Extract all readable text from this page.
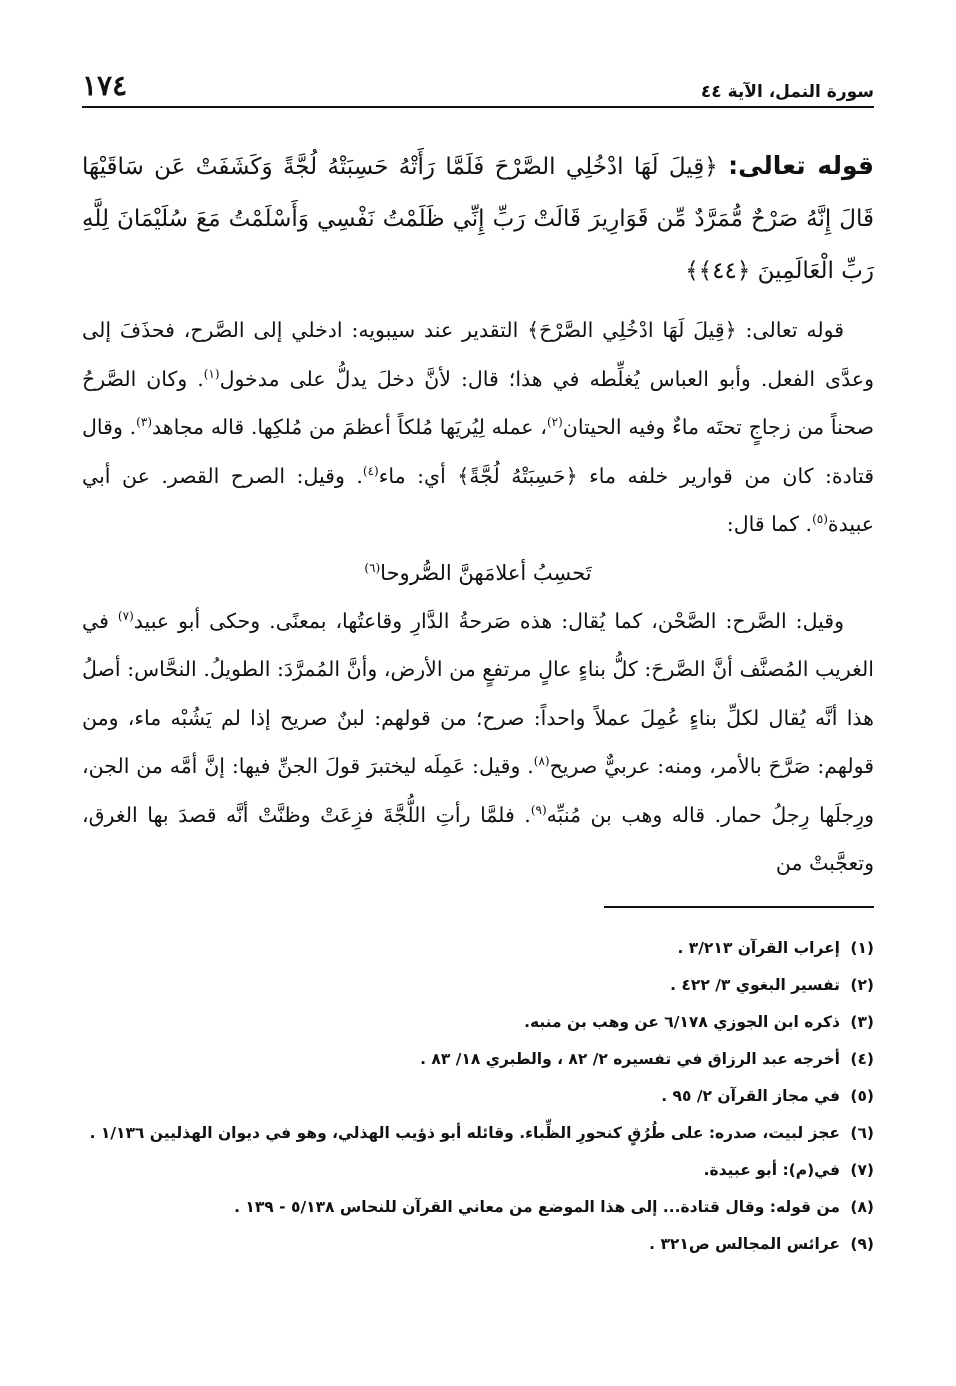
١٧٤	سورة النمل، الآية ٤٤
قوله تعالى: ﴿قِيلَ لَهَا ادْخُلِي الصَّرْحَ فَلَمَّا رَأَتْهُ حَسِبَتْهُ لُجَّةً وَكَشَفَتْ عَن سَاقَيْهَا قَالَ إِنَّهُ صَرْحٌ مُّمَرَّدٌ مِّن قَوَارِيرَ قَالَتْ رَبِّ إِنِّي ظَلَمْتُ نَفْسِي وَأَسْلَمْتُ مَعَ سُلَيْمَانَ لِلَّهِ رَبِّ الْعَالَمِينَ ﴿٤٤﴾﴾

قوله تعالى: ﴿قِيلَ لَهَا ادْخُلِي الصَّرْحَ﴾ التقدير عند سيبويه: ادخلي إلى الصَّرح، فحذَفَ إلى وعدَّى الفعل. وأبو العباس يُغلِّطه في هذا؛ قال: لأنَّ دخلَ يدلُّ على مدخول$^{(١)}$. وكان الصَّرحُ صحناً من زجاجٍ تحتَه ماءٌ وفيه الحيتان$^{(٢)}$، عمله لِيُريَها مُلكاً أعظمَ من مُلكِها. قاله مجاهد$^{(٣)}$. وقال قتادة: كان من قوارير خلفه ماء ﴿حَسِبَتْهُ لُجَّةً﴾ أي: ماء$^{(٤)}$. وقيل: الصرح القصر. عن أبي عبيدة$^{(٥)}$. كما قال:

تَحسِبُ أعلامَهنَّ الصُّروحا$^{(٦)}$

وقيل: الصَّرح: الصَّحْن، كما يُقال: هذه صَرحةُ الدَّارِ وقاعتُها، بمعنًى. وحكى أبو عبيد$^{(٧)}$ في الغريب المُصنَّف أنَّ الصَّرحَ: كلُّ بناءٍ عالٍ مرتفعٍ من الأرض، وأنَّ المُمرَّدَ: الطويلُ. النحَّاس: أصلُ هذا أنَّه يُقال لكلِّ بناءٍ عُمِلَ عملاً واحداً: صرح؛ من قولهم: لبنٌ صريح إذا لم يَشُبْه ماء، ومن قولهم: صَرَّحَ بالأمر، ومنه: عربيٌّ صريح$^{(٨)}$. وقيل: عَمِلَه ليختبرَ قولَ الجنِّ فيها: إنَّ أمَّه من الجن، ورِجلَها رِجلُ حمار. قاله وهب بن مُنبِّه$^{(٩)}$. فلمَّا رأتِ اللُّجَّةَ فزِعَتْ وظنَّتْ أنَّه قصدَ بها الغرق، وتعجَّبتْ من

(١)
إعراب القرآن ٣/٢١٣ .
(٢)
تفسير البغوي ٣/ ٤٢٢ .
(٣)
ذكره ابن الجوزي ٦/١٧٨ عن وهب بن منبه.
(٤)
أخرجه عبد الرزاق في تفسيره ٢/ ٨٢ ، والطبري ١٨/ ٨٣ .
(٥)
في مجاز القرآن ٢/ ٩٥ .
(٦)
عجز لبيت، صدره: على طُرُقٍ كنحورِ الظِّباء. وقائله أبو ذؤيب الهذلي، وهو في ديوان الهذليين ١/١٣٦ .
(٧)
في(م): أبو عبيدة.
(٨)
من قوله: وقال قتادة... إلى هذا الموضع من معاني القرآن للنحاس ٥/١٣٨ - ١٣٩ .
(٩)
عرائس المجالس ص٣٢١ .
